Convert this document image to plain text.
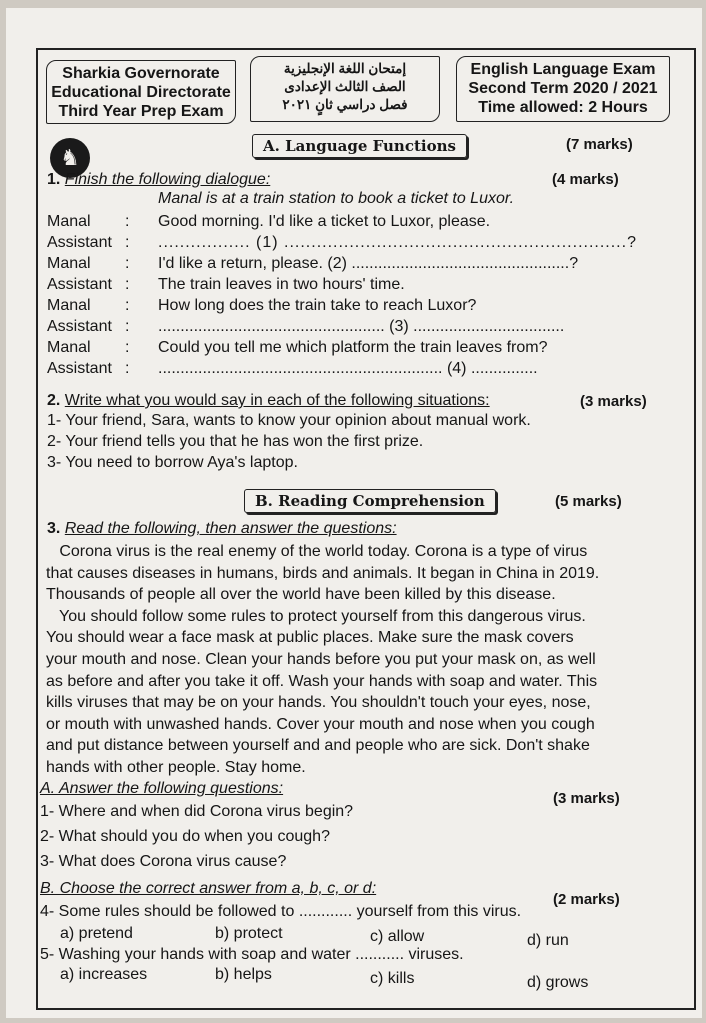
Sharkia Governorate
Educational Directorate
Third Year Prep Exam
إمتحان اللغة الإنجليزية
الصف الثالث الإعدادى
فصل دراسي ثانٍ ٢٠٢١
English Language Exam
Second Term 2020 / 2021
Time allowed: 2 Hours
♞	A. Language Functions	(7 marks)
1. Finish the following dialogue:	(4 marks)
Manal is at a train station to book a ticket to Luxor.
Manal : Good morning. I'd like a ticket to Luxor, please.
Assistant : ................. (1) ...............................................................?
Manal : I'd like a return, please. (2) .................................................?
Assistant : The train leaves in two hours' time.
Manal : How long does the train take to reach Luxor?
Assistant : ................................................... (3) ..................................
Manal : Could you tell me which platform the train leaves from?
Assistant : ................................................................ (4) ...............
2. Write what you would say in each of the following situations:	(3 marks)
1- Your friend, Sara, wants to know your opinion about manual work.
2- Your friend tells you that he has won the first prize.
3- You need to borrow Aya's laptop.
B. Reading Comprehension	(5 marks)
3. Read the following, then answer the questions:
Corona virus is the real enemy of the world today. Corona is a type of virus
that causes diseases in humans, birds and animals. It began in China in 2019.
Thousands of people all over the world have been killed by this disease.
You should follow some rules to protect yourself from this dangerous virus.
You should wear a face mask at public places. Make sure the mask covers
your mouth and nose. Clean your hands before you put your mask on, as well
as before and after you take it off. Wash your hands with soap and water. This
kills viruses that may be on your hands. You shouldn't touch your eyes, nose,
or mouth with unwashed hands. Cover your mouth and nose when you cough
and put distance between yourself and and people who are sick. Don't shake
hands with other people. Stay home.
A. Answer the following questions:
(3 marks)
1- Where and when did Corona virus begin?
2- What should you do when you cough?
3- What does Corona virus cause?
B. Choose the correct answer from a, b, c, or d:
(2 marks)
4- Some rules should be followed to ............ yourself from this virus.
a) pretend	b) protect	c) allow	d) run
5- Washing your hands with soap and water ........... viruses.
a) increases	b) helps	c) kills	d) grows
